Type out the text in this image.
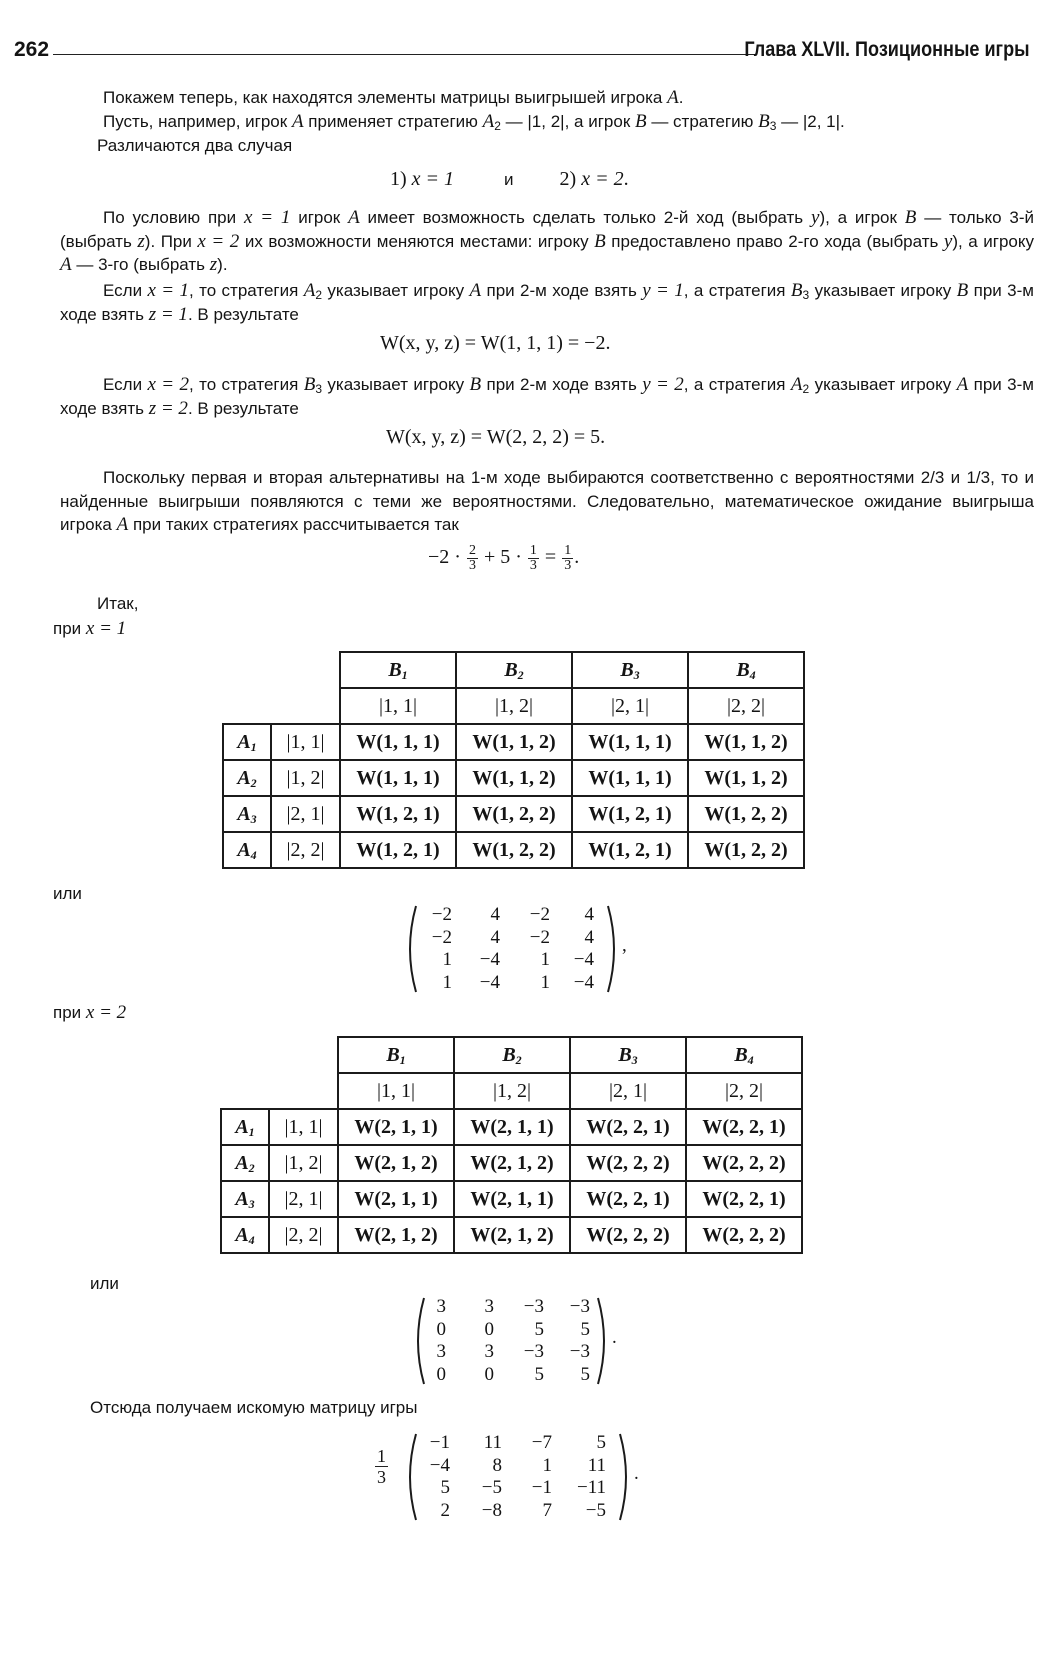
262	Глава XLVII. Позиционные игры
Покажем теперь, как находятся элементы матрицы выигрышей игрока A.
Пусть, например, игрок A применяет стратегию $A_2$ — |1, 2|, а игрок B — стратегию $B_3$ — |2, 1|.
Различаются два случая
1) x = 1	и 2) x = 2.
По условию при x = 1 игрок A имеет возможность сделать только 2-й ход (выбрать y), а игрок B — только 3-й (выбрать z). При x = 2 их возможности меняются местами: игроку B предоставлено право 2-го хода (выбрать y), а игроку A — 3-го (выбрать z).
Если x = 1, то стратегия $A_2$ указывает игроку A при 2-м ходе взять y = 1, а стратегия $B_3$ указывает игроку B при 3-м ходе взять z = 1. В результате
W(x, y, z) = W(1, 1, 1) = −2.
Если x = 2, то стратегия $B_3$ указывает игроку B при 2-м ходе взять y = 2, а стратегия $A_2$ указывает игроку A при 3-м ходе взять z = 2. В результате
W(x, y, z) = W(2, 2, 2) = 5.
Поскольку первая и вторая альтернативы на 1-м ходе выбираются соответственно с вероятностями 2/3 и 1/3, то и найденные выигрыши появляются с теми же вероятностями. Следовательно, математическое ожидание выигрыша игрока A при таких стратегиях рассчитывается так
$-2 \cdot \frac{2}{3} + 5 \cdot \frac{1}{3} = \frac{1}{3}$ .
Итак,
при x = 1
		$B_1$	$B_2$	$B_3$	$B_4$
		|1, 1|	|1, 2|	|2, 1|	|2, 2|
$A_1$	|1, 1|	W(1, 1, 1)	W(1, 1, 2)	W(1, 1, 1)	W(1, 1, 2)
$A_2$	|1, 2|	W(1, 1, 1)	W(1, 1, 2)	W(1, 1, 1)	W(1, 1, 2)
$A_3$	|2, 1|	W(1, 2, 1)	W(1, 2, 2)	W(1, 2, 1)	W(1, 2, 2)
$A_4$	|2, 2|	W(1, 2, 1)	W(1, 2, 2)	W(1, 2, 1)	W(1, 2, 2)
или
−2	4	−2	4
−2	4	−2	4
1	−4	1	−4
1	−4	1	−4
,
при x = 2
		$B_1$	$B_2$	$B_3$	$B_4$
		|1, 1|	|1, 2|	|2, 1|	|2, 2|
$A_1$	|1, 1|	W(2, 1, 1)	W(2, 1, 1)	W(2, 2, 1)	W(2, 2, 1)
$A_2$	|1, 2|	W(2, 1, 2)	W(2, 1, 2)	W(2, 2, 2)	W(2, 2, 2)
$A_3$	|2, 1|	W(2, 1, 1)	W(2, 1, 1)	W(2, 2, 1)	W(2, 2, 1)
$A_4$	|2, 2|	W(2, 1, 2)	W(2, 1, 2)	W(2, 2, 2)	W(2, 2, 2)
или
3	3	−3	−3
0	0	5	5
3	3	−3	−3
0	0	5	5
.
Отсюда получаем искомую матрицу игры
$\frac{1}{3}$
−1	11	−7	5
−4	8	1	11
5	−5	−1	−11
2	−8	7	−5
.
